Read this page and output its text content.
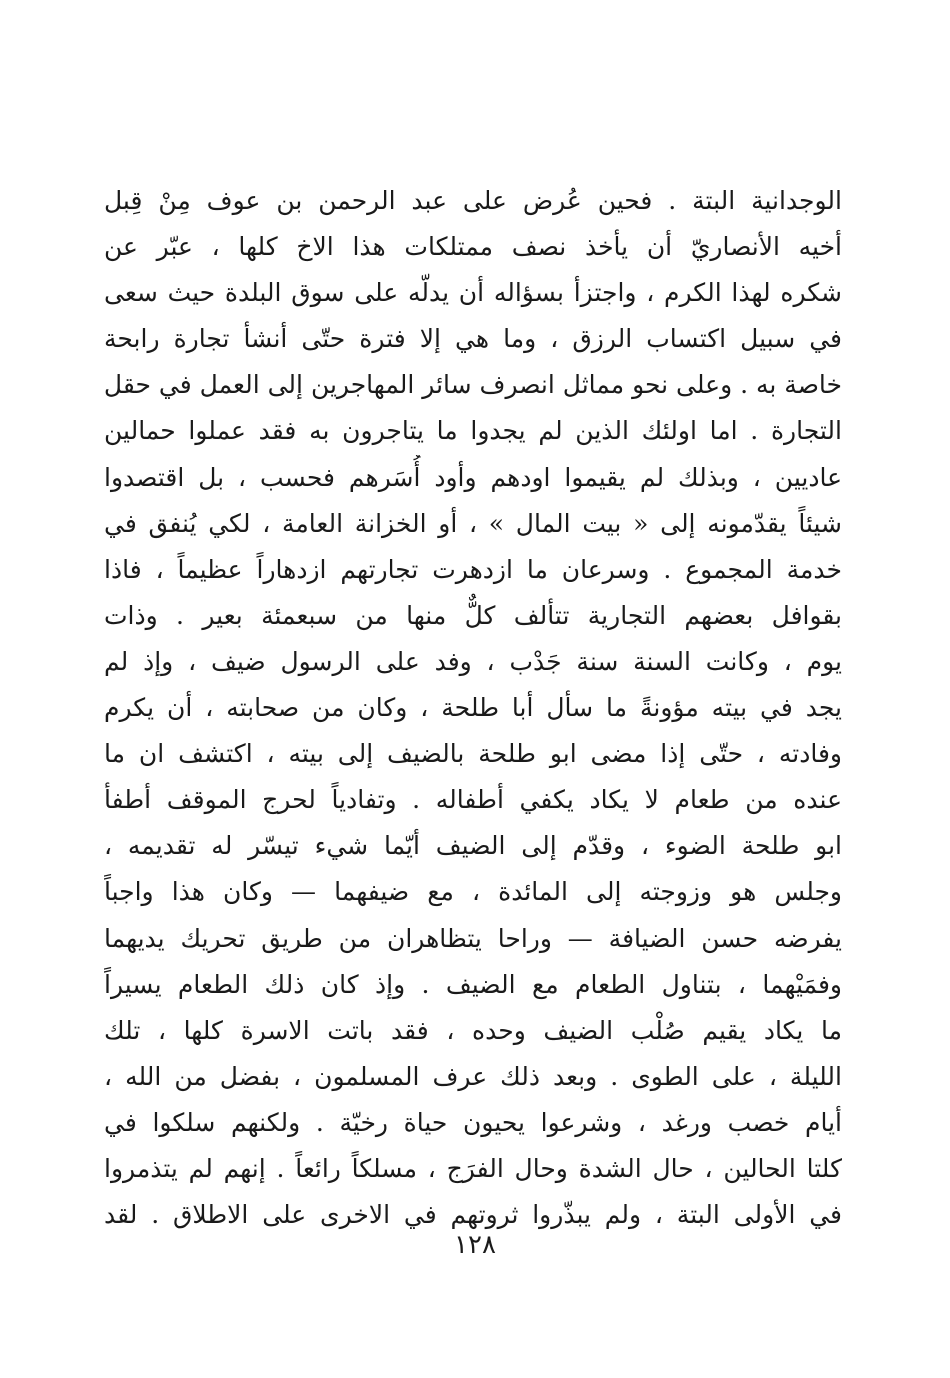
الوجدانية البتة . فحين عُرض على عبد الرحمن بن عوف مِنْ قِبل
أخيه الأنصاريّ أن يأخذ نصف ممتلكات هذا الاخ كلها ، عبّر عن
شكره لهذا الكرم ، واجتزأ بسؤاله أن يدلّه على سوق البلدة حيث سعى
في سبيل اكتساب الرزق ، وما هي إلا فترة حتّى أنشأ تجارة رابحة
خاصة به . وعلى نحو مماثل انصرف سائر المهاجرين إلى العمل في حقل
التجارة . اما اولئك الذين لم يجدوا ما يتاجرون به فقد عملوا حمالين
عاديين ، وبذلك لم يقيموا اودهم وأود أُسَرهم فحسب ، بل اقتصدوا
شيئاً يقدّمونه إلى « بيت المال » ، أو الخزانة العامة ، لكي يُنفق في
خدمة المجموع . وسرعان ما ازدهرت تجارتهم ازدهاراً عظيماً ، فاذا
بقوافل بعضهم التجارية تتألف كلٌّ منها من سبعمئة بعير . وذات
يوم ، وكانت السنة سنة جَدْب ، وفد على الرسول ضيف ، وإذ لم
يجد في بيته مؤونةً ما سأل أبا طلحة ، وكان من صحابته ، أن يكرم
وفادته ، حتّى إذا مضى ابو طلحة بالضيف إلى بيته ، اكتشف ان ما
عنده من طعام لا يكاد يكفي أطفاله . وتفادياً لحرج الموقف أطفأ
ابو طلحة الضوء ، وقدّم إلى الضيف أيّما شيء تيسّر له تقديمه ،
وجلس هو وزوجته إلى المائدة ، مع ضيفهما — وكان هذا واجباً
يفرضه حسن الضيافة — وراحا يتظاهران من طريق تحريك يديهما
وفمَيْهما ، بتناول الطعام مع الضيف . وإذ كان ذلك الطعام يسيراً
ما يكاد يقيم صُلْب الضيف وحده ، فقد باتت الاسرة كلها ، تلك
الليلة ، على الطوى . وبعد ذلك عرف المسلمون ، بفضل من الله ،
أيام خصب ورغد ، وشرعوا يحيون حياة رخيّة . ولكنهم سلكوا في
كلتا الحالين ، حال الشدة وحال الفرَج ، مسلكاً رائعاً . إنهم لم يتذمروا
في الأولى البتة ، ولم يبذّروا ثروتهم في الاخرى على الاطلاق . لقد
١٢٨
